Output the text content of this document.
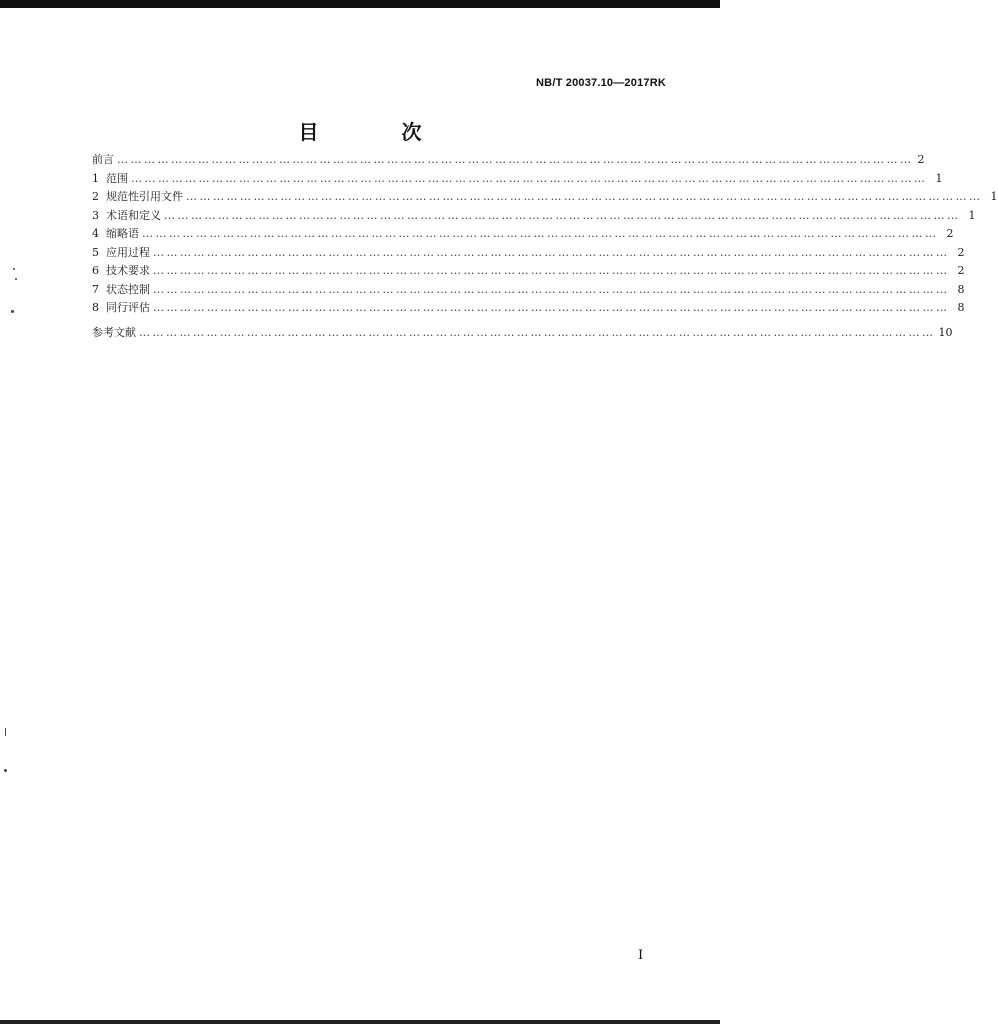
NB/T 20037.10—2017RK
目 次
前言 …………………………………………………………………………………………………………………………………………………………… 2
1 范围 …………………………………………………………………………………………………………………………………………………………… 1
2 规范性引用文件 …………………………………………………………………………………………………………………………………………………………… 1
3 术语和定义 …………………………………………………………………………………………………………………………………………………………… 1
4 缩略语 …………………………………………………………………………………………………………………………………………………………… 2
5 应用过程 …………………………………………………………………………………………………………………………………………………………… 2
6 技术要求 …………………………………………………………………………………………………………………………………………………………… 2
7 状态控制 …………………………………………………………………………………………………………………………………………………………… 8
8 同行评估 …………………………………………………………………………………………………………………………………………………………… 8
参考文献 …………………………………………………………………………………………………………………………………………………………… 10
I
